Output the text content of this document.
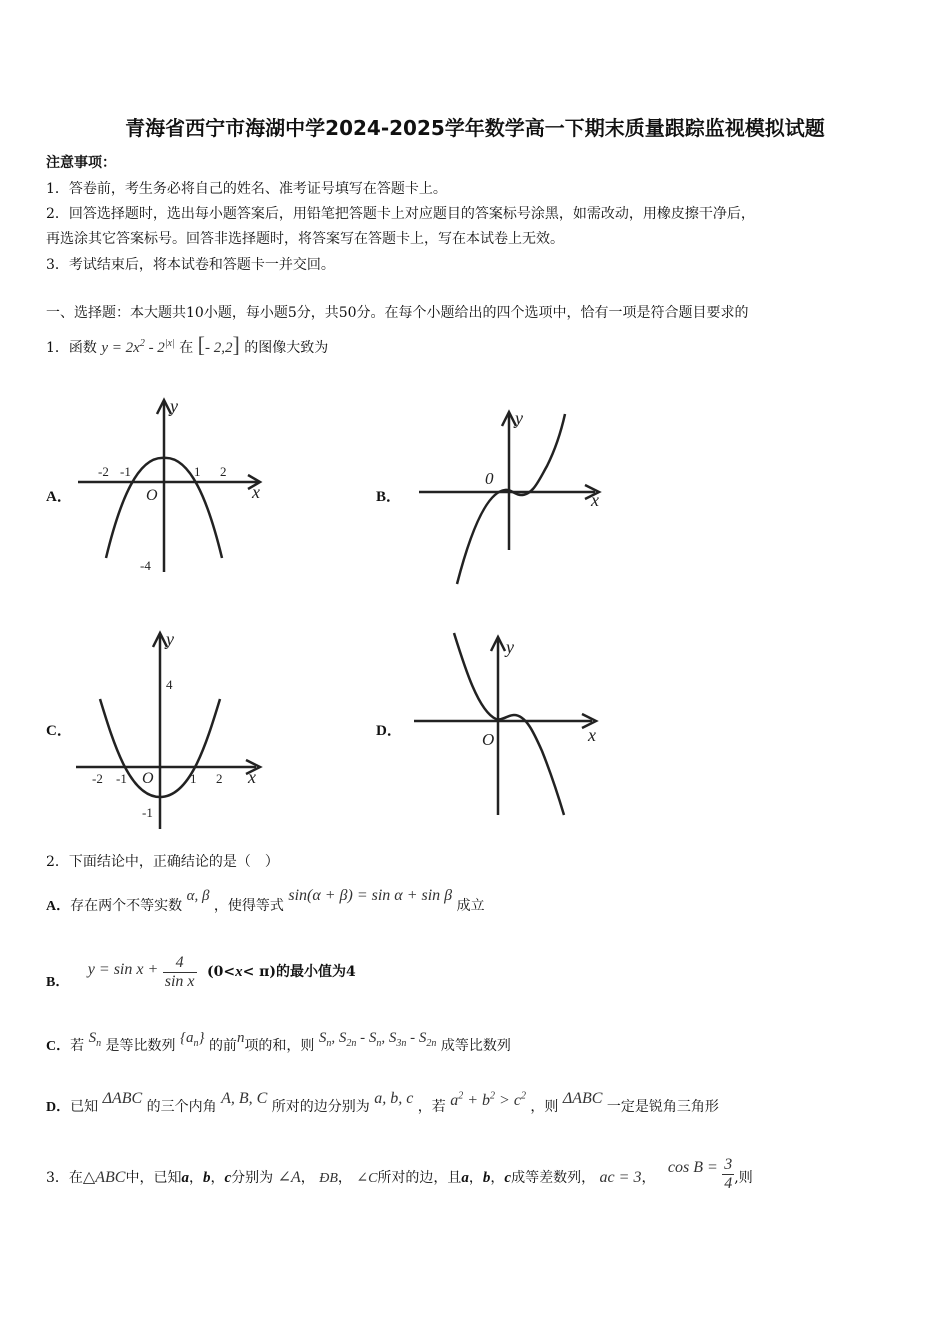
青海省西宁市海湖中学2024-2025学年数学高一下期末质量跟踪监视模拟试题
注意事项：
1．答卷前，考生务必将自己的姓名、准考证号填写在答题卡上。
2．回答选择题时，选出每小题答案后，用铅笔把答题卡上对应题目的答案标号涂黑，如需改动，用橡皮擦干净后，
再选涂其它答案标号。回答非选择题时，将答案写在答题卡上，写在本试卷上无效。
3．考试结束后，将本试卷和答题卡一并交回。
一、选择题：本大题共10小题，每小题5分，共50分。在每个小题给出的四个选项中，恰有一项是符合题目要求的
1．函数 $y = 2x^2 - 2^{|x|}$ 在 [- 2,2] 的图像大致为
A．	B．
C．	D．
-2 -1	1 2
-4
O	x
y
0
x
y
-2 -1	1 2
4
-1
O	x
y
O	x
y
2．下面结论中，正确结论的是（　）
A．存在两个不等实数 α, β ，使得等式 sin(α + β) = sin α + sin β 成立
B． $y = \sin x + \frac{4}{\text{sin x}} (0<x< \pi)$的最小值为4
C．若 $S_n$ 是等比数列 $\{a_n\}$ 的前n项的和，则 $S_n$, $S_{2n} - S_n$, $S_{3n} - S_{2n}$ 成等比数列
D．已知 ΔABC 的三个内角 A, B, C 所对的边分别为 a, b, c ，若 $a^2 + b^2 > c^2$ ，则 ΔABC 一定是锐角三角形
3．在△ABC中，已知a，b，c分别为 ∠A， ÐB， ∠C所对的边，且a，b，c成等差数列， ac = 3， $\cos B = \frac{3}{4}$ ,则
